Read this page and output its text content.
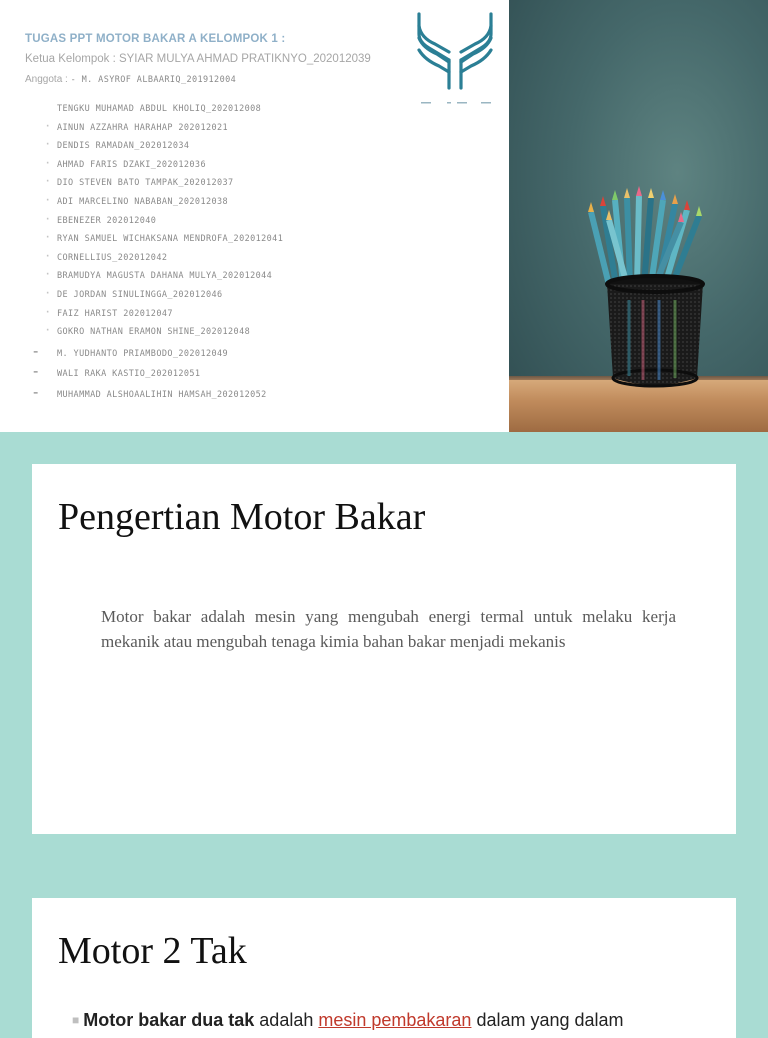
TUGAS PPT MOTOR BAKAR A KELOMPOK 1 :

Ketua Kelompok : SYIAR MULYA AHMAD PRATIKNYO_202012039
Anggota : - M. ASYROF ALBAARIQ_201912004
TENGKU MUHAMAD ABDUL KHOLIQ_202012008
· AINUN AZZAHRA HARAHAP 202012021
· DENDIS RAMADAN_202012034
· AHMAD FARIS DZAKI_202012036
· DIO STEVEN BATO TAMPAK_202012037
· ADI MARCELINO NABABAN_202012038
· EBENEZER 202012040
· RYAN SAMUEL WICHAKSANA MENDROFA_202012041
· CORNELLIUS_202012042
· BRAMUDYA MAGUSTA DAHANA MULYA_202012044
· DE JORDAN SINULINGGA_202012046
· FAIZ HARIST 202012047
· GOKRO NATHAN ERAMON SHINE_202012048
- M. YUDHANTO PRIAMBODO_202012049
- WALI RAKA KASTIO_202012051
- MUHAMMAD ALSHOAALIHIN HAMSAH_202012052
Pengertian Motor Bakar

Motor bakar adalah mesin yang mengubah energi termal untuk melaku kerja mekanik atau mengubah tenaga kimia bahan bakar menjadi mekanis

Motor 2 Tak
■ Motor bakar dua tak adalah mesin pembakaran dalam yang dalam
